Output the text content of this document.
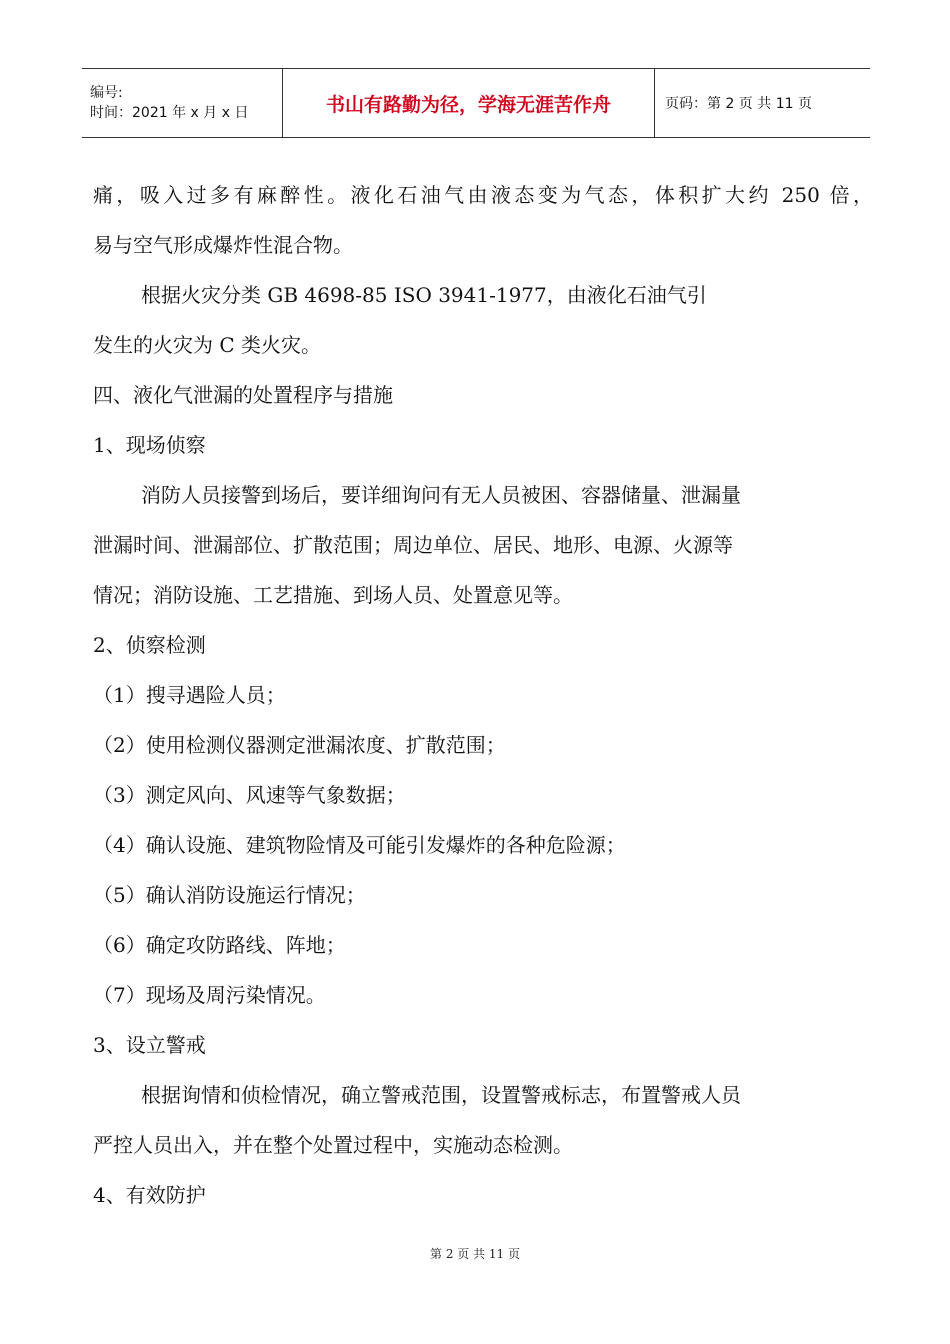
编号:
时间：2021 年 x 月 x 日	书山有路勤为径，学海无涯苦作舟	页码：第 2 页 共 11 页
痛，吸入过多有麻醉性。液化石油气由液态变为气态，体积扩大约 250 倍，
易与空气形成爆炸性混合物。
根据火灾分类 GB 4698-85 ISO 3941-1977，由液化石油气引
发生的火灾为 C 类火灾。
四、液化气泄漏的处置程序与措施
1、现场侦察
消防人员接警到场后，要详细询问有无人员被困、容器储量、泄漏量
泄漏时间、泄漏部位、扩散范围；周边单位、居民、地形、电源、火源等
情况；消防设施、工艺措施、到场人员、处置意见等。
2、侦察检测
（1）搜寻遇险人员；
（2）使用检测仪器测定泄漏浓度、扩散范围；
（3）测定风向、风速等气象数据；
（4）确认设施、建筑物险情及可能引发爆炸的各种危险源；
（5）确认消防设施运行情况；
（6）确定攻防路线、阵地；
（7）现场及周污染情况。
3、设立警戒
根据询情和侦检情况，确立警戒范围，设置警戒标志，布置警戒人员
严控人员出入，并在整个处置过程中，实施动态检测。
4、有效防护
第 2 页 共 11 页
